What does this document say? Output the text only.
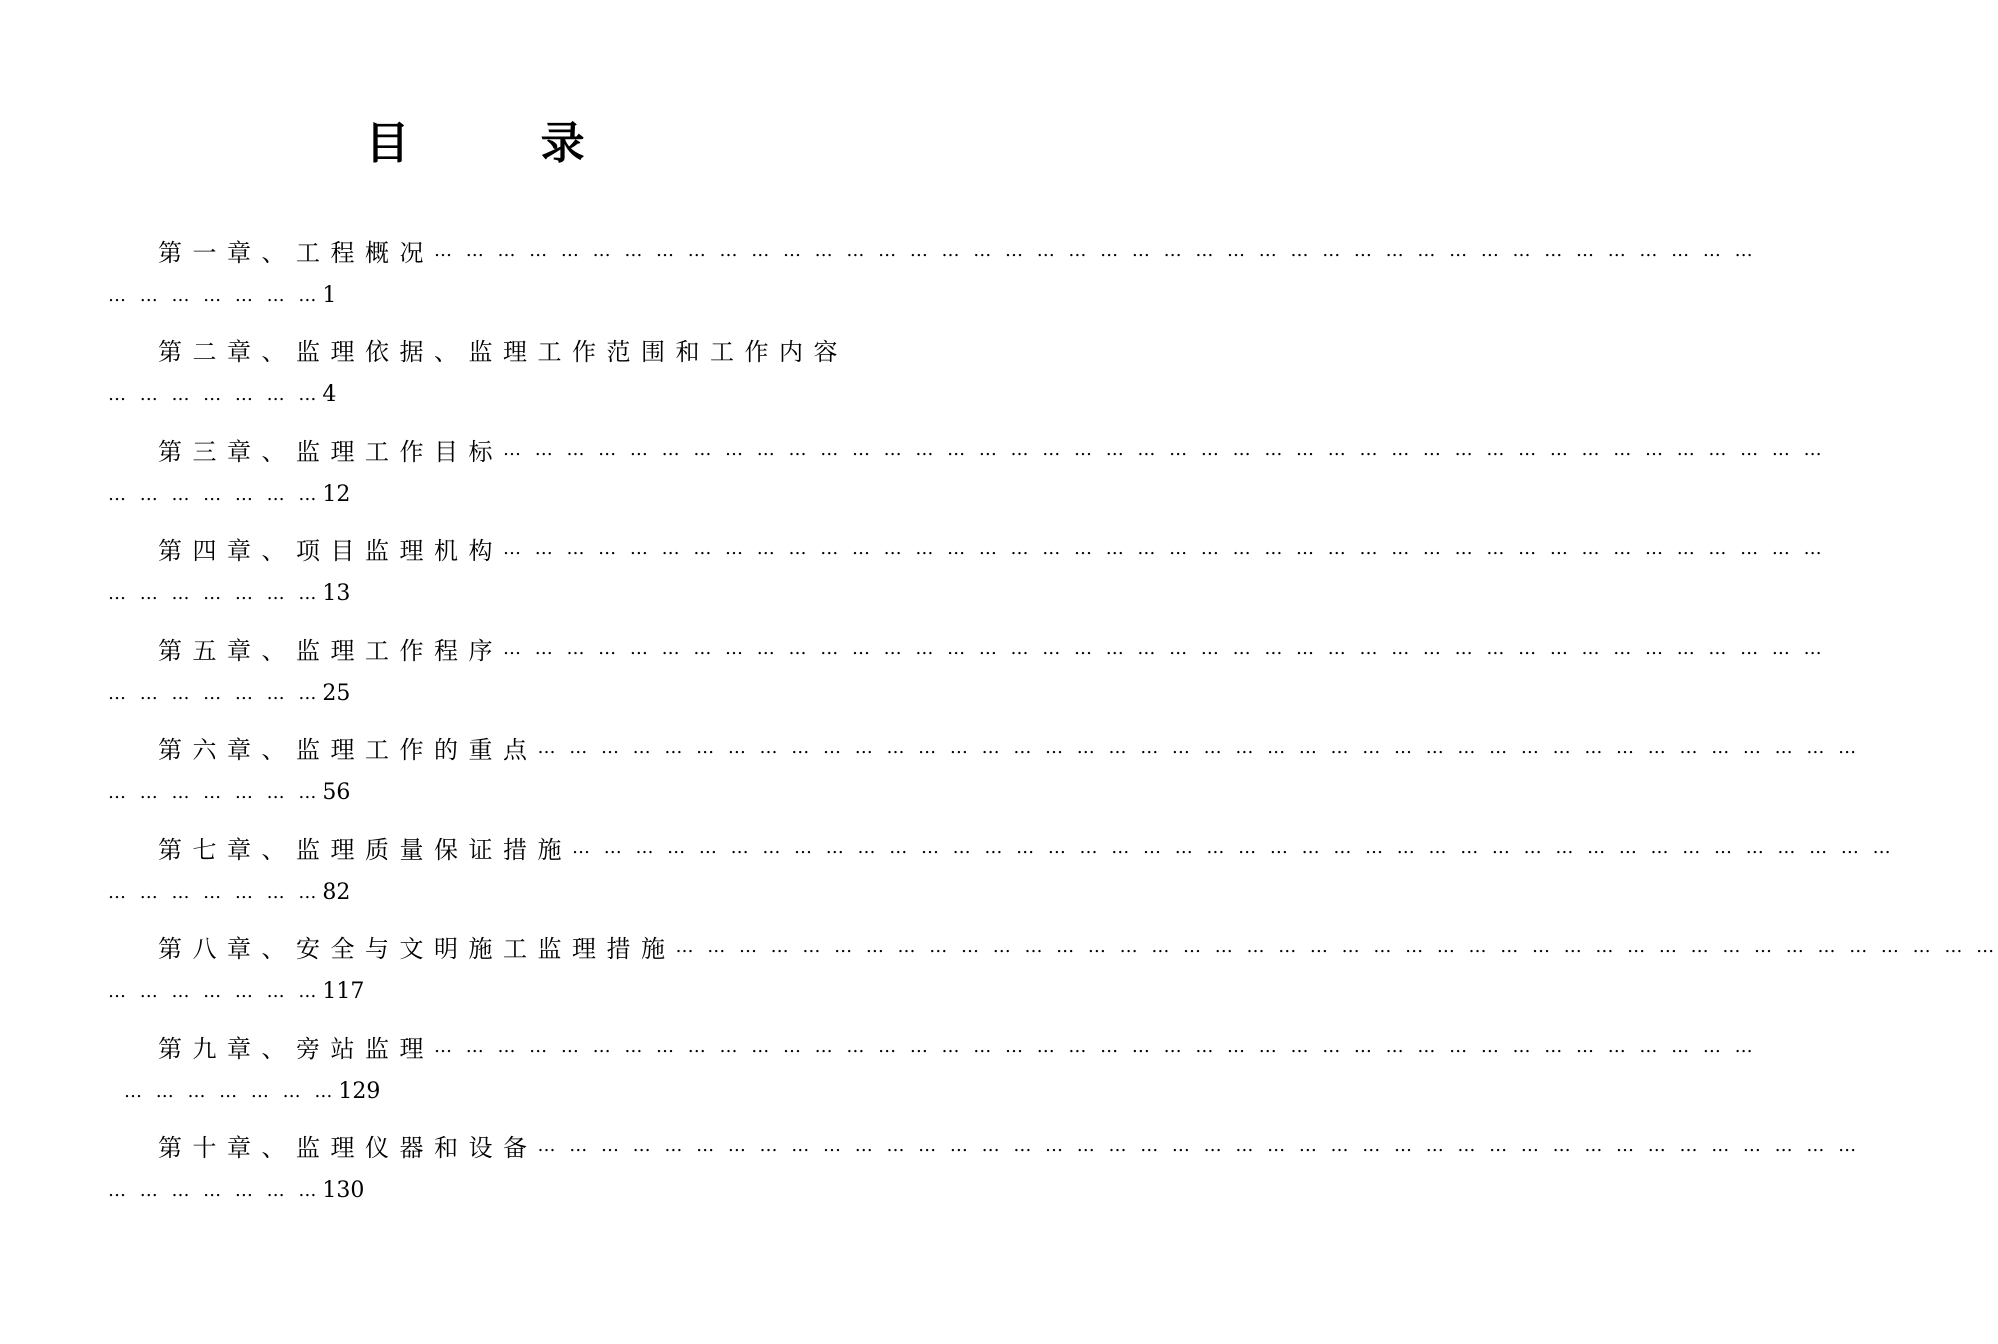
目 录
第一章、工程概况 … … … … … … … … … … … … … … … … … … … … … … … … … … … … … … … … … … … … … … … … … …
… … … … … … … 1
第二章、监理依据、监理工作范围和工作内容
… … … … … … … 4
第三章、监理工作目标 … … … … … … … … … … … … … … … … … … … … … … … … … … … … … … … … … … … … … … … … … …
… … … … … … … 12
第四章、项目监理机构 … … … … … … … … … … … … … … … … … … … … … … … … … … … … … … … … … … … … … … … … … …
… … … … … … … 13
第五章、监理工作程序 … … … … … … … … … … … … … … … … … … … … … … … … … … … … … … … … … … … … … … … … … …
… … … … … … … 25
第六章、监理工作的重点 … … … … … … … … … … … … … … … … … … … … … … … … … … … … … … … … … … … … … … … … … …
… … … … … … … 56
第七章、监理质量保证措施 … … … … … … … … … … … … … … … … … … … … … … … … … … … … … … … … … … … … … … … … … …
… … … … … … … 82
第八章、安全与文明施工监理措施 … … … … … … … … … … … … … … … … … … … … … … … … … … … … … … … … … … … … … … … … … …
… … … … … … … 117
第九章、旁站监理 … … … … … … … … … … … … … … … … … … … … … … … … … … … … … … … … … … … … … … … … … …
… … … … … … … 129
第十章、监理仪器和设备 … … … … … … … … … … … … … … … … … … … … … … … … … … … … … … … … … … … … … … … … … …
… … … … … … … 130
